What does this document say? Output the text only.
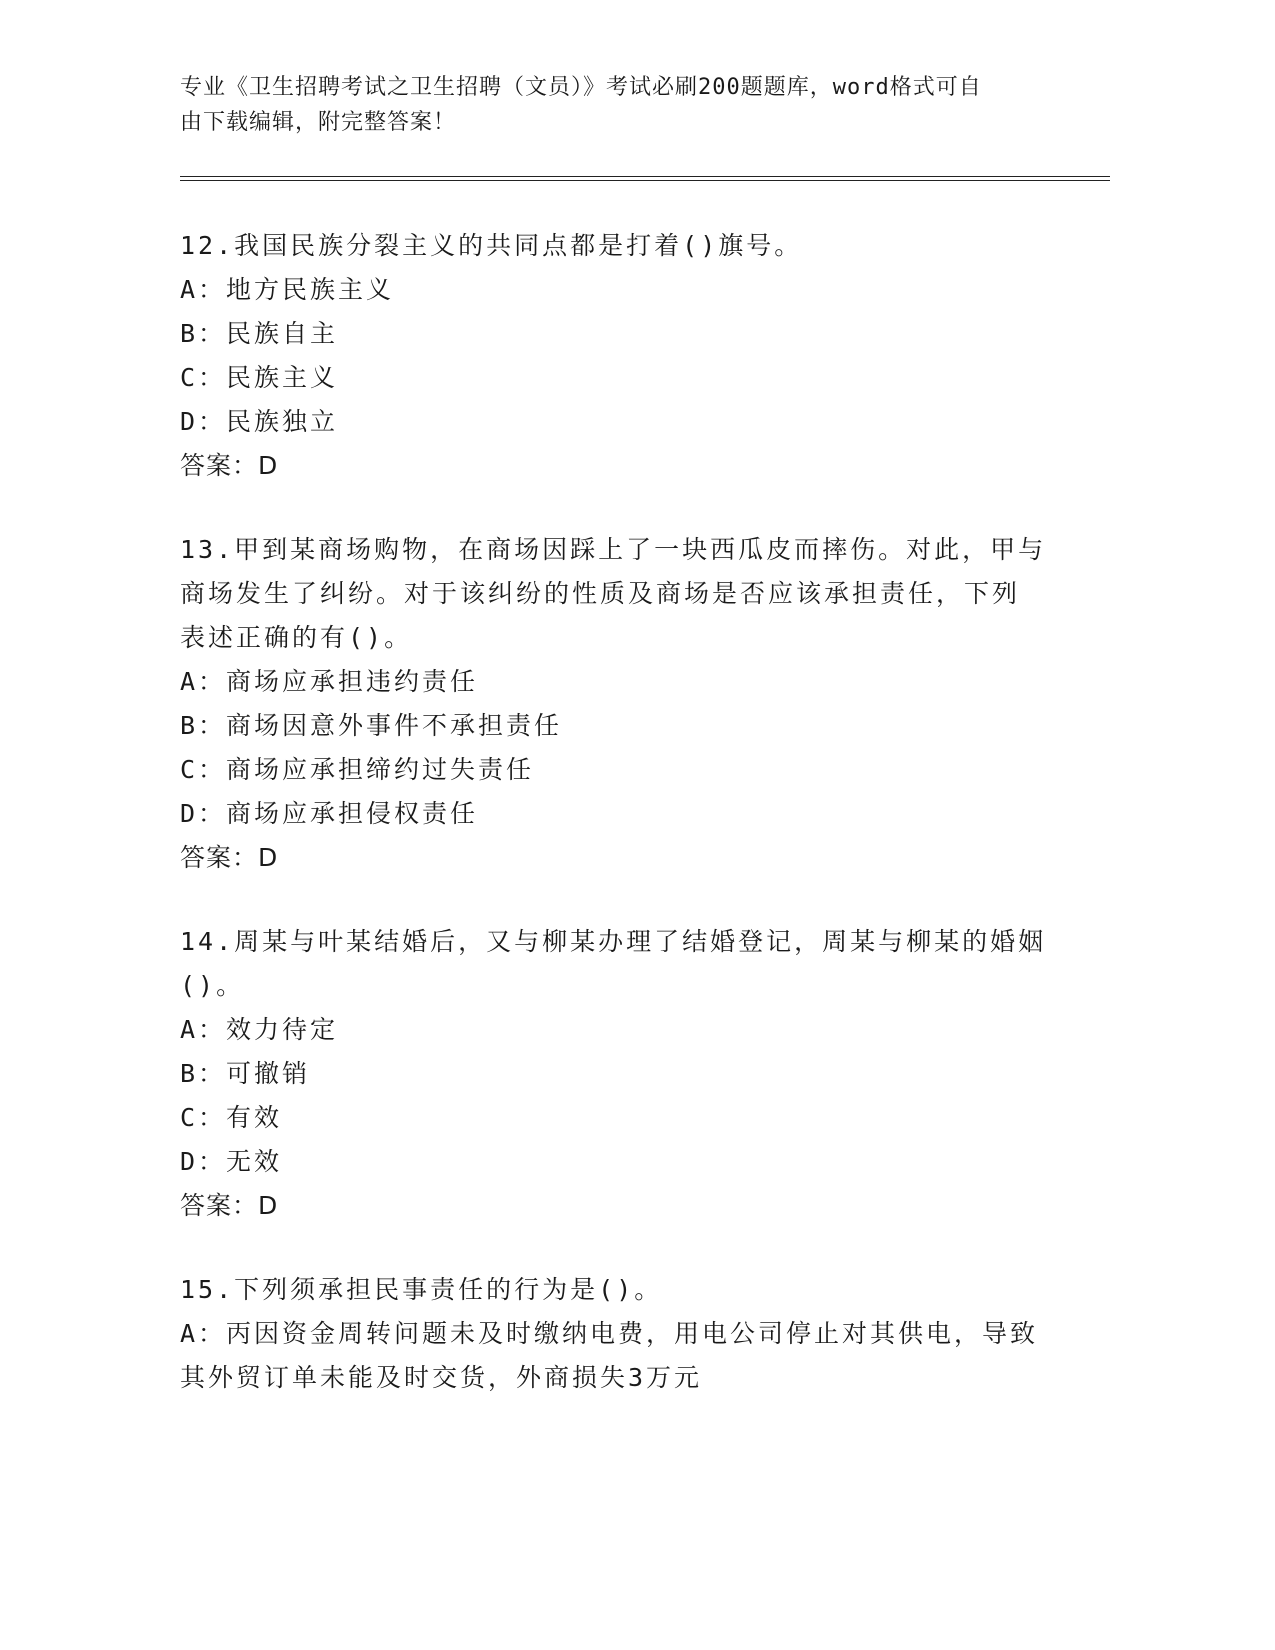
专业《卫生招聘考试之卫生招聘（文员）》考试必刷200题题库，word格式可自
由下载编辑，附完整答案！
12.我国民族分裂主义的共同点都是打着()旗号。
A：地方民族主义
B：民族自主
C：民族主义
D：民族独立
答案：D
13.甲到某商场购物，在商场因踩上了一块西瓜皮而摔伤。对此，甲与
商场发生了纠纷。对于该纠纷的性质及商场是否应该承担责任，下列
表述正确的有()。
A：商场应承担违约责任
B：商场因意外事件不承担责任
C：商场应承担缔约过失责任
D：商场应承担侵权责任
答案：D
14.周某与叶某结婚后，又与柳某办理了结婚登记，周某与柳某的婚姻
()。
A：效力待定
B：可撤销
C：有效
D：无效
答案：D
15.下列须承担民事责任的行为是()。
A：丙因资金周转问题未及时缴纳电费，用电公司停止对其供电，导致
其外贸订单未能及时交货，外商损失3万元
